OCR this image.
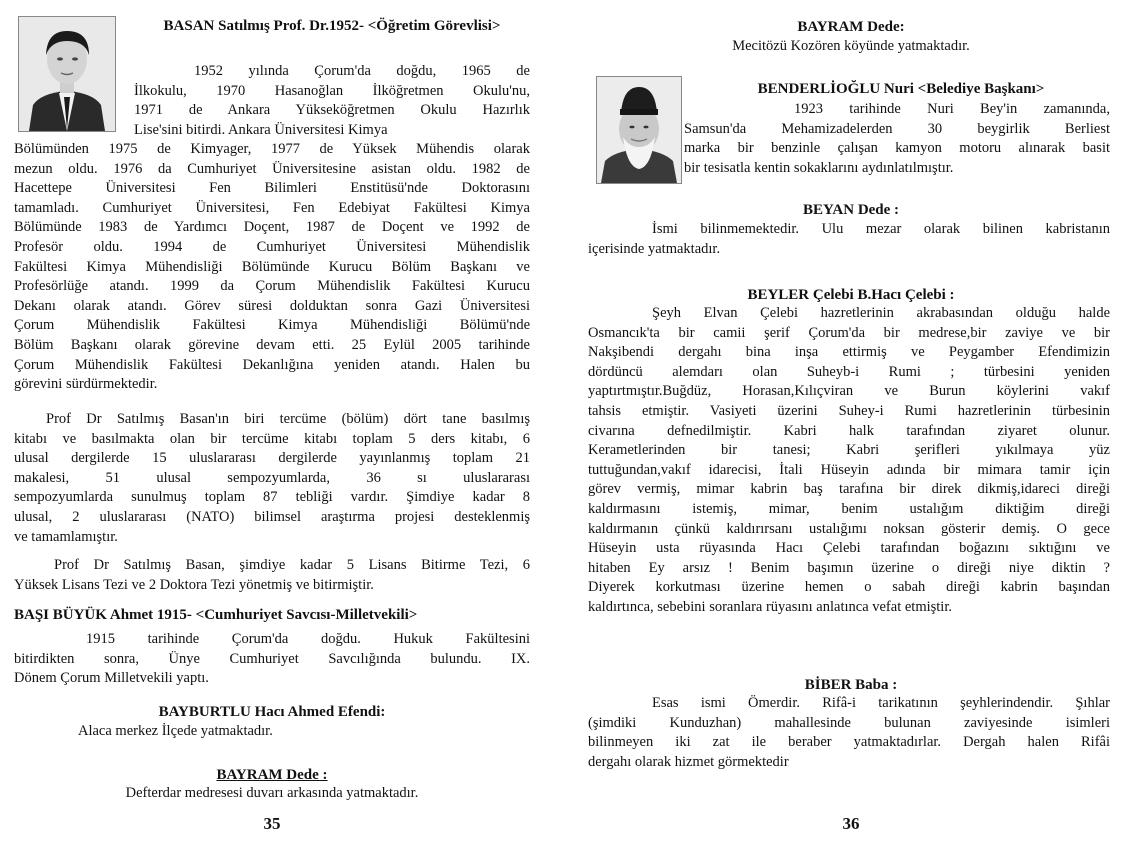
BASAN Satılmış Prof. Dr.1952- <Öğretim Görevlisi>
1952 yılında Çorum'da doğdu, 1965 de
İlkokulu, 1970 Hasanoğlan İlköğretmen Okulu'nu,
1971 de Ankara Yükseköğretmen Okulu Hazırlık
Lise'sini bitirdi. Ankara Üniversitesi Kimya
Bölümünden 1975 de Kimyager, 1977 de Yüksek Mühendis olarak
mezun oldu. 1976 da Cumhuriyet Üniversitesine asistan oldu. 1982 de
Hacettepe Üniversitesi Fen Bilimleri Enstitüsü'nde Doktorasını
tamamladı. Cumhuriyet Üniversitesi, Fen Edebiyat Fakültesi Kimya
Bölümünde 1983 de Yardımcı Doçent, 1987 de Doçent ve 1992 de
Profesör oldu. 1994 de Cumhuriyet Üniversitesi Mühendislik
Fakültesi Kimya Mühendisliği Bölümünde Kurucu Bölüm Başkanı ve
Profesörlüğe atandı. 1999 da Çorum Mühendislik Fakültesi Kurucu
Dekanı olarak atandı. Görev süresi dolduktan sonra Gazi Üniversitesi
Çorum Mühendislik Fakültesi Kimya Mühendisliği Bölümü'nde
Bölüm Başkanı olarak görevine devam etti. 25 Eylül 2005 tarihinde
Çorum Mühendislik Fakültesi Dekanlığına yeniden atandı. Halen bu
görevini sürdürmektedir.
Prof Dr Satılmış Basan'ın biri tercüme (bölüm) dört tane basılmış
kitabı ve basılmakta olan bir tercüme kitabı toplam 5 ders kitabı, 6
ulusal dergilerde 15 uluslararası dergilerde yayınlanmış toplam 21
makalesi, 51 ulusal sempozyumlarda, 36 sı uluslararası
sempozyumlarda sunulmuş toplam 87 tebliği vardır. Şimdiye kadar 8
ulusal, 2 uluslararası (NATO) bilimsel araştırma projesi desteklenmiş
ve tamamlamıştır.
Prof Dr Satılmış Basan, şimdiye kadar 5 Lisans Bitirme Tezi, 6
Yüksek Lisans Tezi ve 2 Doktora Tezi yönetmiş ve bitirmiştir.
BAŞI BÜYÜK Ahmet 1915- <Cumhuriyet Savcısı-Milletvekili>
1915 tarihinde Çorum'da doğdu. Hukuk Fakültesini
bitirdikten sonra, Ünye Cumhuriyet Savcılığında bulundu. IX.
Dönem Çorum Milletvekili yaptı.
BAYBURTLU Hacı Ahmed Efendi:
Alaca merkez İlçede yatmaktadır.
BAYRAM Dede :
Defterdar medresesi duvarı arkasında yatmaktadır.
35
BAYRAM Dede:
Mecitözü Kozören köyünde yatmaktadır.
BENDERLİOĞLU Nuri <Belediye Başkanı>
1923 tarihinde Nuri Bey'in zamanında,
Samsun'da Mehamizadelerden 30 beygirlik Berliest
marka bir benzinle çalışan kamyon motoru alınarak basit
bir tesisatla kentin sokaklarını aydınlatılmıştır.
BEYAN Dede :
İsmi bilinmemektedir. Ulu mezar olarak bilinen kabristanın
içerisinde yatmaktadır.
BEYLER Çelebi B.Hacı Çelebi :
Şeyh Elvan Çelebi hazretlerinin akrabasından olduğu halde
Osmancık'ta bir camii şerif Çorum'da bir medrese,bir zaviye ve bir
Nakşibendi dergahı bina inşa ettirmiş ve Peygamber Efendimizin
dördüncü alemdarı olan Suheyb-i Rumi ; türbesini yeniden
yaptırtmıştır.Buğdüz, Horasan,Kılıçviran ve Burun köylerini vakıf
tahsis etmiştir. Vasiyeti üzerini Suhey-i Rumi hazretlerinin türbesinin
civarına defnedilmiştir. Kabri halk tarafından ziyaret olunur.
Kerametlerinden bir tanesi; Kabri şerifleri yıkılmaya yüz
tuttuğundan,vakıf idarecisi, İtali Hüseyin adında bir mimara tamir için
görev vermiş, mimar kabrin baş tarafına bir direk dikmiş,idareci direği
kaldırmasını istemiş, mimar, benim ustalığım diktiğim direği
kaldırmanın çünkü kaldırırsanı ustalığımı noksan gösterir demiş. O gece
Hüseyin usta rüyasında Hacı Çelebi tarafından boğazını sıktığını ve
hitaben Ey arsız ! Benim başımın üzerine o direği niye diktin ?
Diyerek korkutması üzerine hemen o sabah direği kabrin başından
kaldırtınca, sebebini soranlara rüyasını anlatınca vefat etmiştir.
BİBER Baba :
Esas ismi Ömerdir. Rifâ-i tarikatının şeyhlerindendir. Şıhlar
(şimdiki Kunduzhan) mahallesinde bulunan zaviyesinde isimleri
bilinmeyen iki zat ile beraber yatmaktadırlar. Dergah halen Rifâi
dergahı olarak hizmet görmektedir
36
